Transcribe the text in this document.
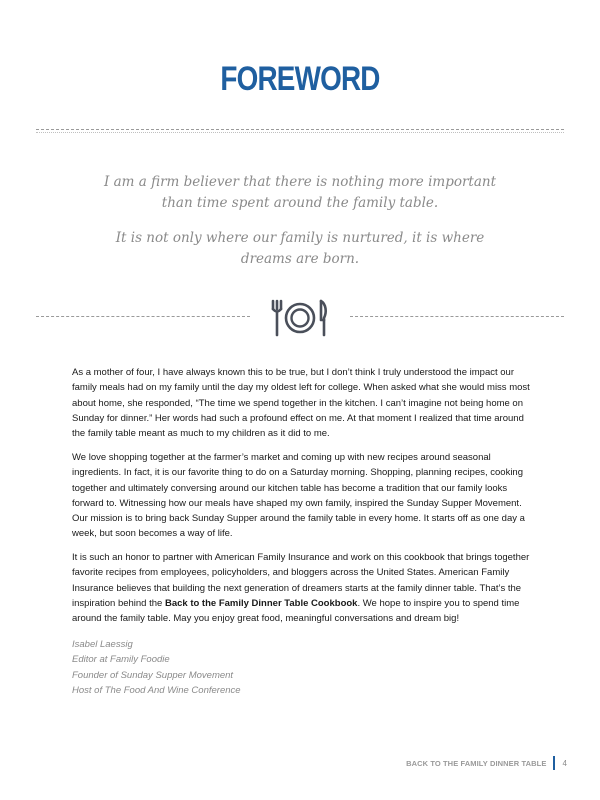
FOREWORD

I am a firm believer that there is nothing more important than time spent around the family table.

It is not only where our family is nurtured, it is where dreams are born.

As a mother of four, I have always known this to be true, but I don’t think I truly understood the impact our family meals had on my family until the day my oldest left for college. When asked what she would miss most about home, she responded, “The time we spend together in the kitchen. I can’t imagine not being home on Sunday for dinner.” Her words had such a profound effect on me. At that moment I realized that time around the family table meant as much to my children as it did to me.

We love shopping together at the farmer’s market and coming up with new recipes around seasonal ingredients. In fact, it is our favorite thing to do on a Saturday morning. Shopping, planning recipes, cooking together and ultimately conversing around our kitchen table has become a tradition that our family looks forward to. Witnessing how our meals have shaped my own family, inspired the Sunday Supper Movement. Our mission is to bring back Sunday Supper around the family table in every home. It starts off as one day a week, but soon becomes a way of life.

It is such an honor to partner with American Family Insurance and work on this cookbook that brings together favorite recipes from employees, policyholders, and bloggers across the United States. American Family Insurance believes that building the next generation of dreamers starts at the family dinner table. That’s the inspiration behind the Back to the Family Dinner Table Cookbook. We hope to inspire you to spend time around the family table. May you enjoy great food, meaningful conversations and dream big!

Isabel Laessig
Editor at Family Foodie
Founder of Sunday Supper Movement
Host of The Food And Wine Conference
BACK TO THE FAMILY DINNER TABLE 4
